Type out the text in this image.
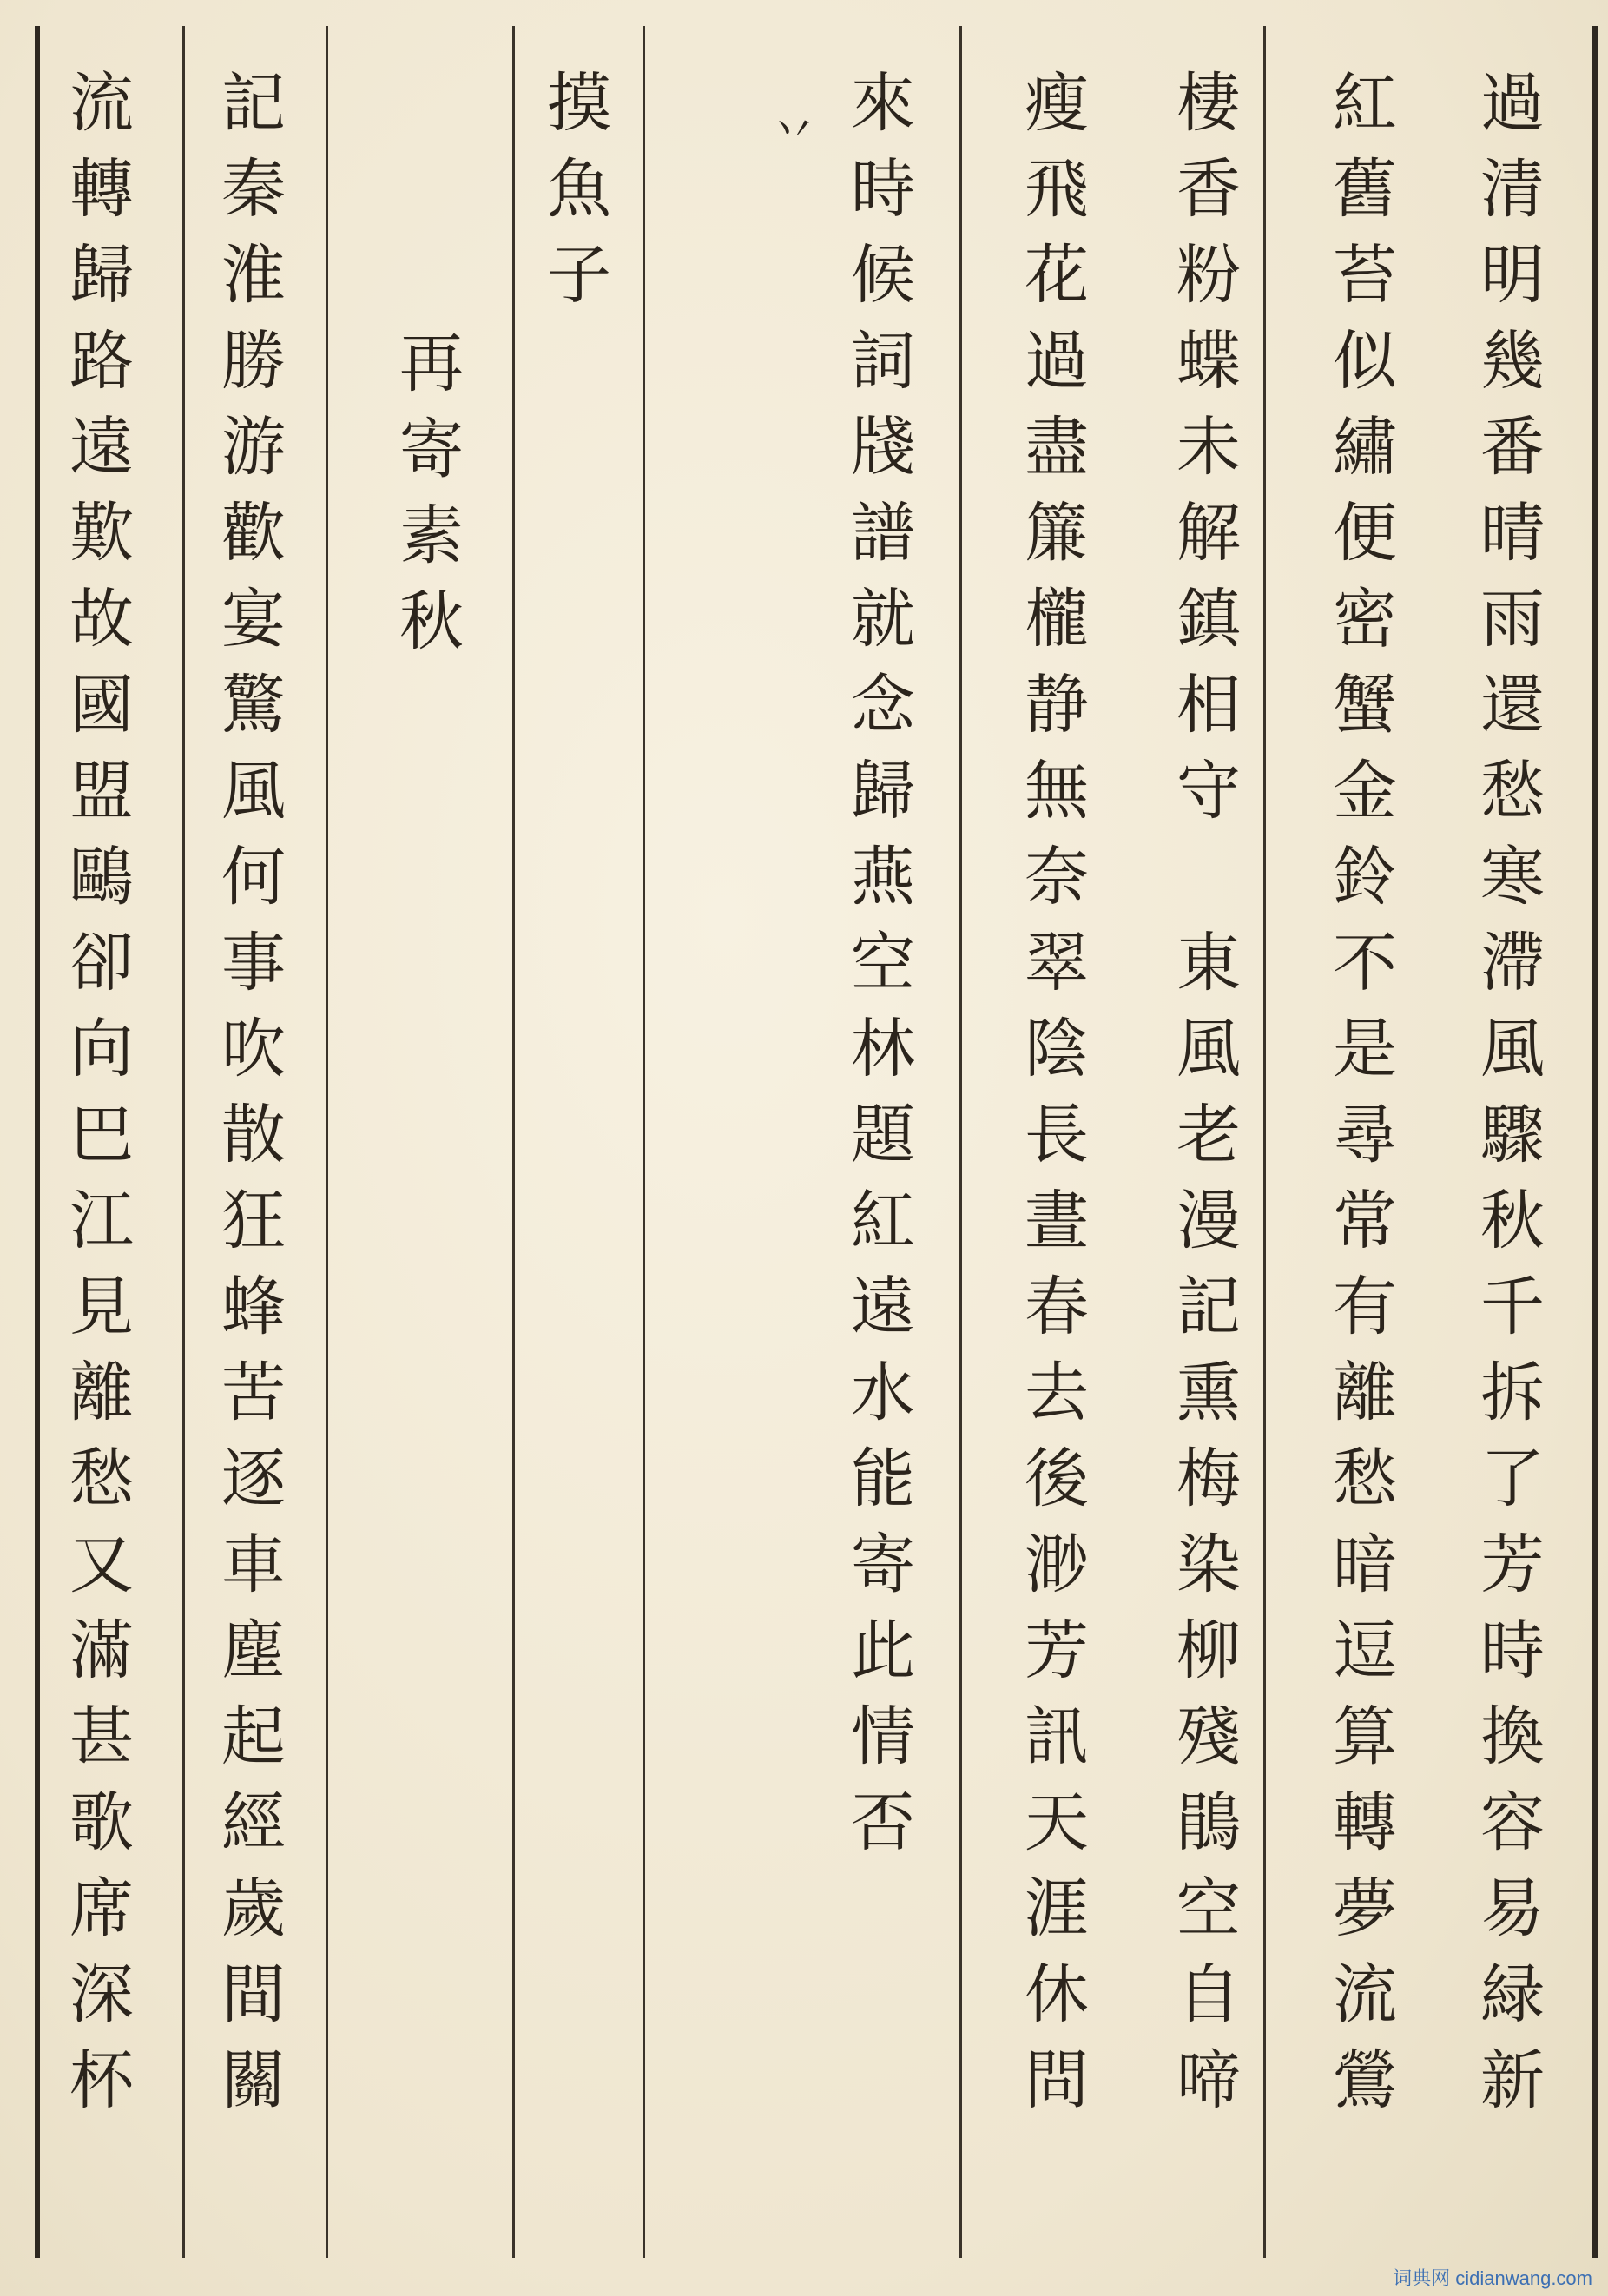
丷	過
清
明
幾
番
晴
雨
還
愁
寒
滯
風
驟
秋
千
拆
了
芳
時
換
容
易
緑
新
紅
舊
苔
似
繡
便
密
蟹
金
鈴
不
是
尋
常
有
離
愁
暗
逗
算
轉
夢
流
鶯
棲
香
粉
蝶
未
解
鎮
相
守

東
風
老
漫
記
熏
梅
染
柳
殘
鵑
空
自
啼
瘦
飛
花
過
盡
簾
櫳
静
無
奈
翠
陰
長
晝
春
去
後
渺
芳
訊
天
涯
休
問
來
時
候
詞
牋
譜
就
念
歸
燕
空
林
題
紅
遠
水
能
寄
此
情
否
摸
魚
子
再
寄
素
秋
記
秦
淮
勝
游
歡
宴
驚
風
何
事
吹
散
狂
蜂
苦
逐
車
塵
起
經
歲
間
關
流
轉
歸
路
遠
歎
故
國
盟
鷗
卻
向
巴
江
見
離
愁
又
滿
甚
歌
席
深
杯
词典网 cidianwang.com
